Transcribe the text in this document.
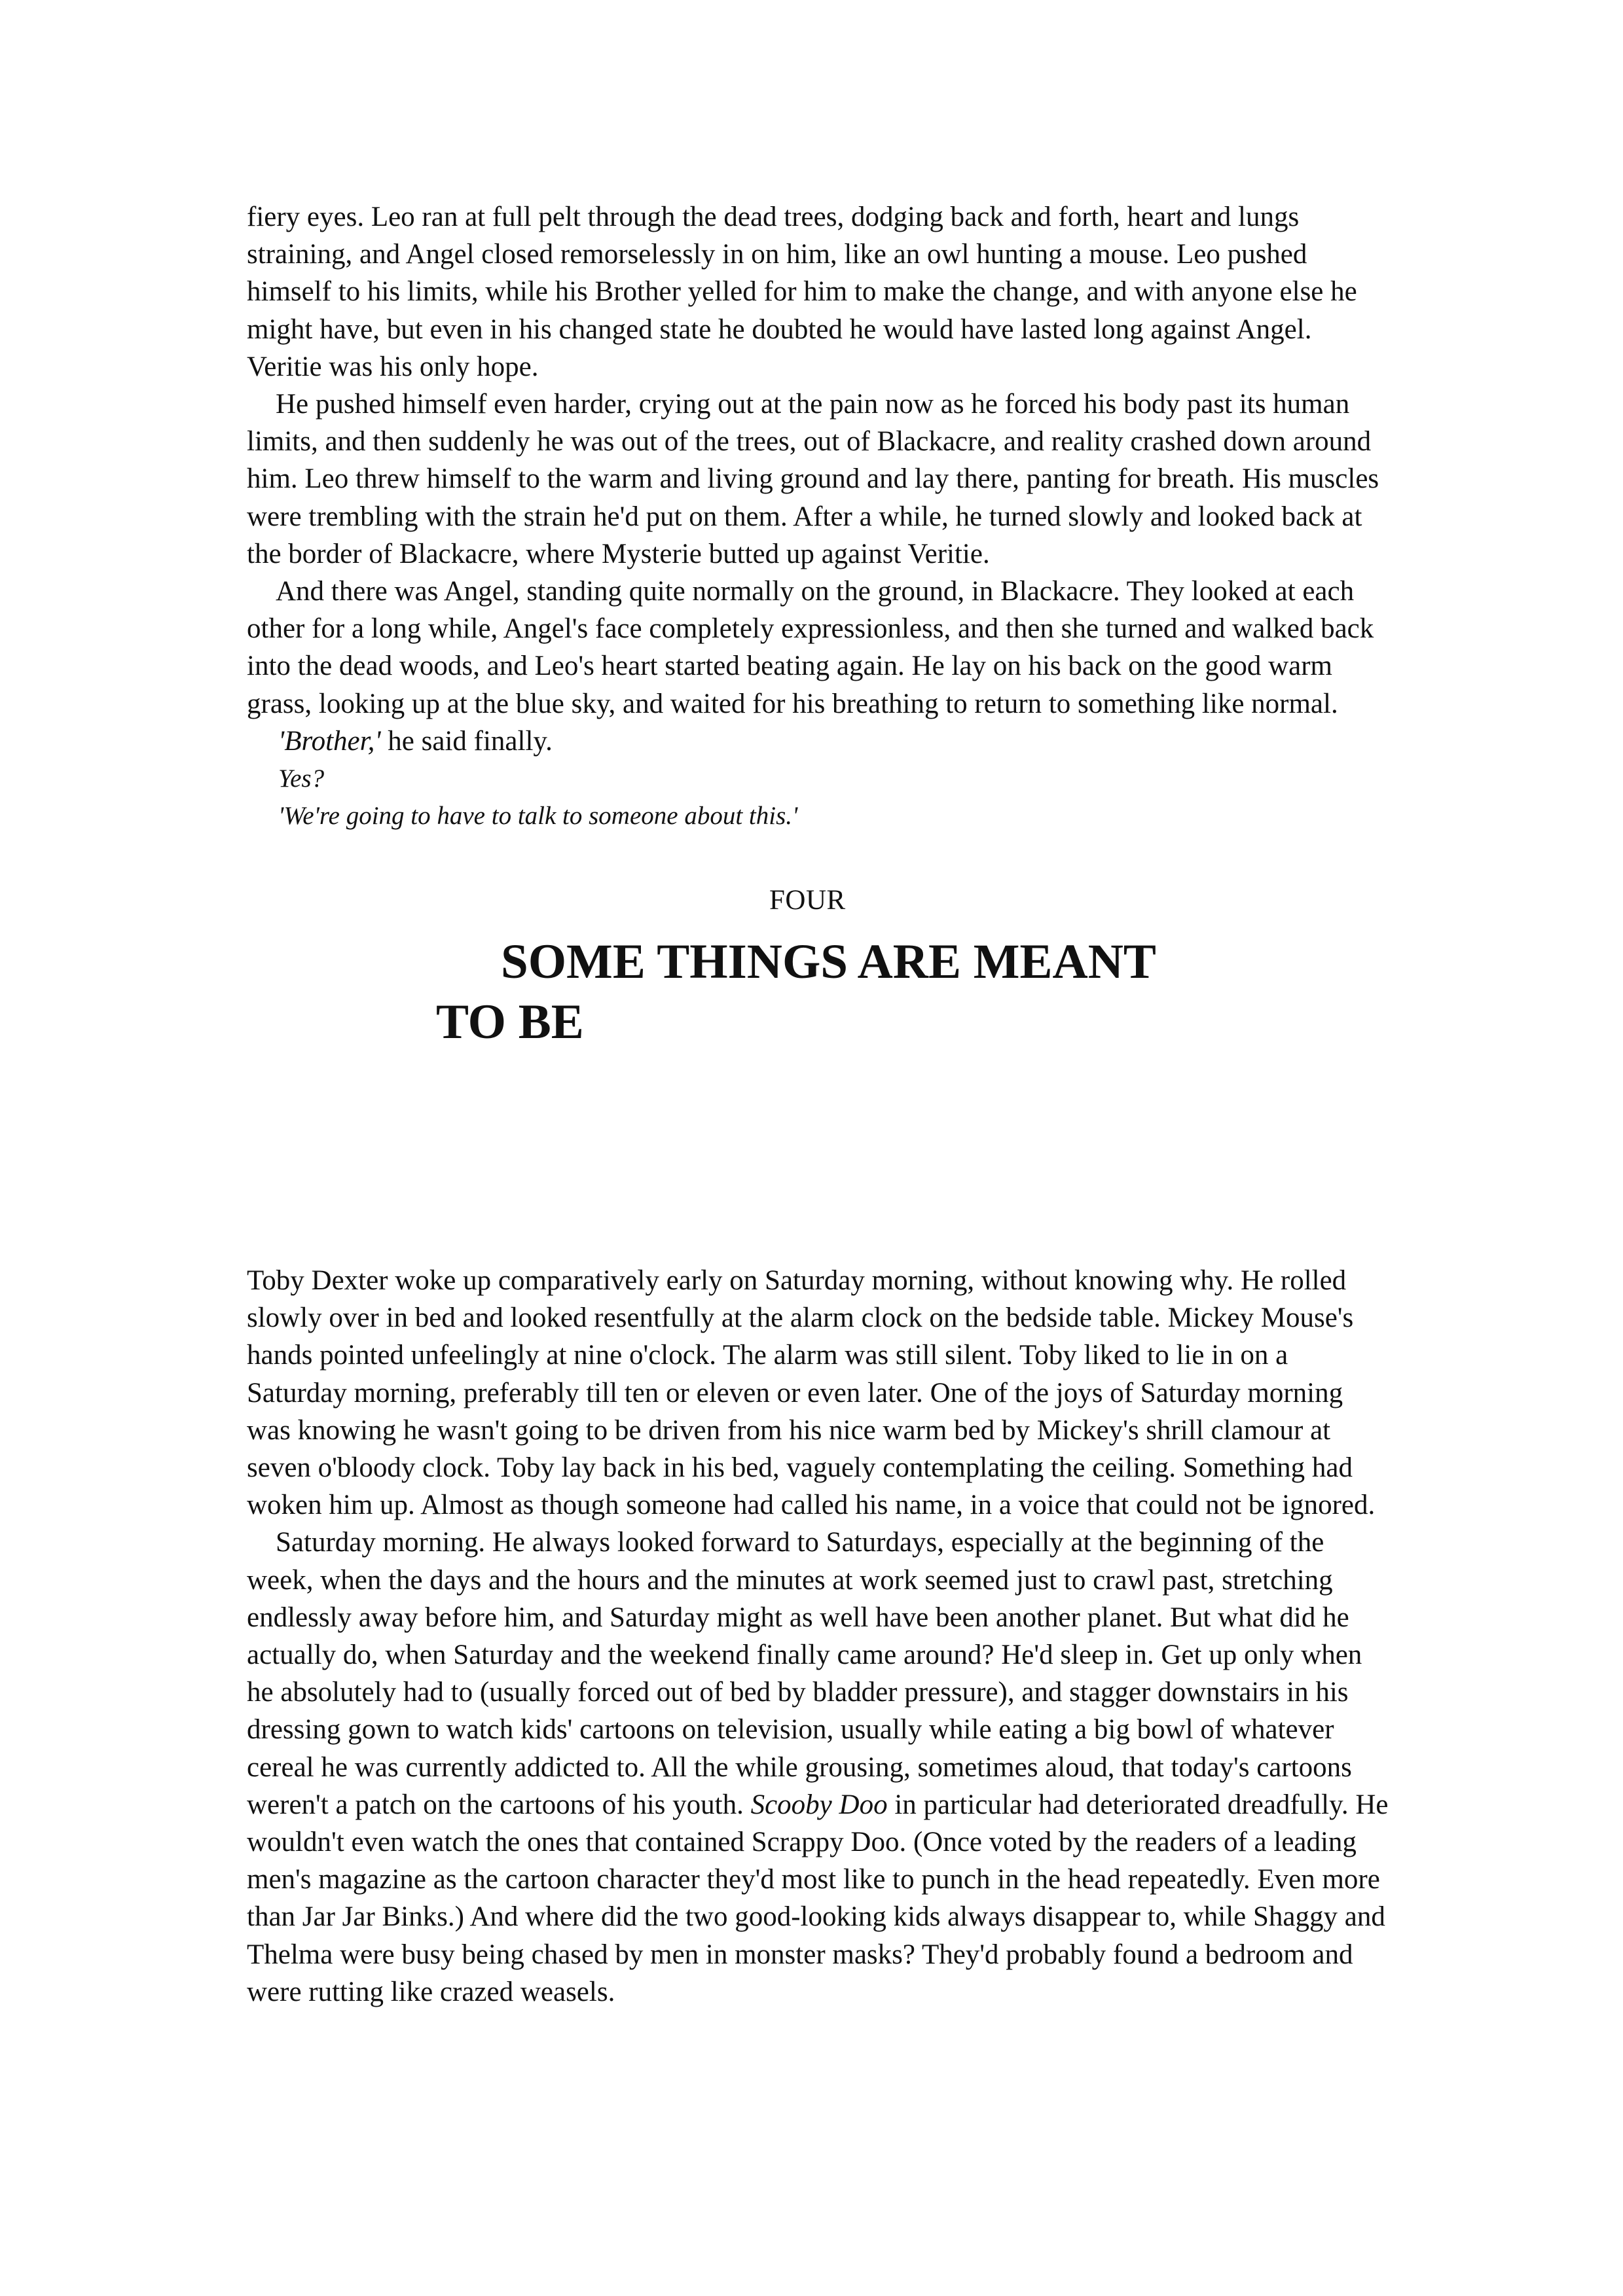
fiery eyes. Leo ran at full pelt through the dead trees, dodging back and forth, heart and lungs straining, and Angel closed remorselessly in on him, like an owl hunting a mouse. Leo pushed himself to his limits, while his Brother yelled for him to make the change, and with anyone else he might have, but even in his changed state he doubted he would have lasted long against Angel. Veritie was his only hope.

He pushed himself even harder, crying out at the pain now as he forced his body past its human limits, and then suddenly he was out of the trees, out of Blackacre, and reality crashed down around him. Leo threw himself to the warm and living ground and lay there, panting for breath. His muscles were trembling with the strain he'd put on them. After a while, he turned slowly and looked back at the border of Blackacre, where Mysterie butted up against Veritie.

And there was Angel, standing quite normally on the ground, in Blackacre. They looked at each other for a long while, Angel's face completely expressionless, and then she turned and walked back into the dead woods, and Leo's heart started beating again. He lay on his back on the good warm grass, looking up at the blue sky, and waited for his breathing to return to something like normal.

'Brother,' he said finally.

Yes?

'We're going to have to talk to someone about this.'

FOUR
SOME THINGS ARE MEANT
TO BE

Toby Dexter woke up comparatively early on Saturday morning, without knowing why. He rolled slowly over in bed and looked resentfully at the alarm clock on the bedside table. Mickey Mouse's hands pointed unfeelingly at nine o'clock. The alarm was still silent. Toby liked to lie in on a Saturday morning, preferably till ten or eleven or even later. One of the joys of Saturday morning was knowing he wasn't going to be driven from his nice warm bed by Mickey's shrill clamour at seven o'bloody clock. Toby lay back in his bed, vaguely contemplating the ceiling. Something had woken him up. Almost as though someone had called his name, in a voice that could not be ignored.

Saturday morning. He always looked forward to Saturdays, especially at the beginning of the week, when the days and the hours and the minutes at work seemed just to crawl past, stretching endlessly away before him, and Saturday might as well have been another planet. But what did he actually do, when Saturday and the weekend finally came around? He'd sleep in. Get up only when he absolutely had to (usually forced out of bed by bladder pressure), and stagger downstairs in his dressing gown to watch kids' cartoons on television, usually while eating a big bowl of whatever cereal he was currently addicted to. All the while grousing, sometimes aloud, that today's cartoons weren't a patch on the cartoons of his youth. Scooby Doo in particular had deteriorated dreadfully. He wouldn't even watch the ones that contained Scrappy Doo. (Once voted by the readers of a leading men's magazine as the cartoon character they'd most like to punch in the head repeatedly. Even more than Jar Jar Binks.) And where did the two good-looking kids always disappear to, while Shaggy and Thelma were busy being chased by men in monster masks? They'd probably found a bedroom and were rutting like crazed weasels.
